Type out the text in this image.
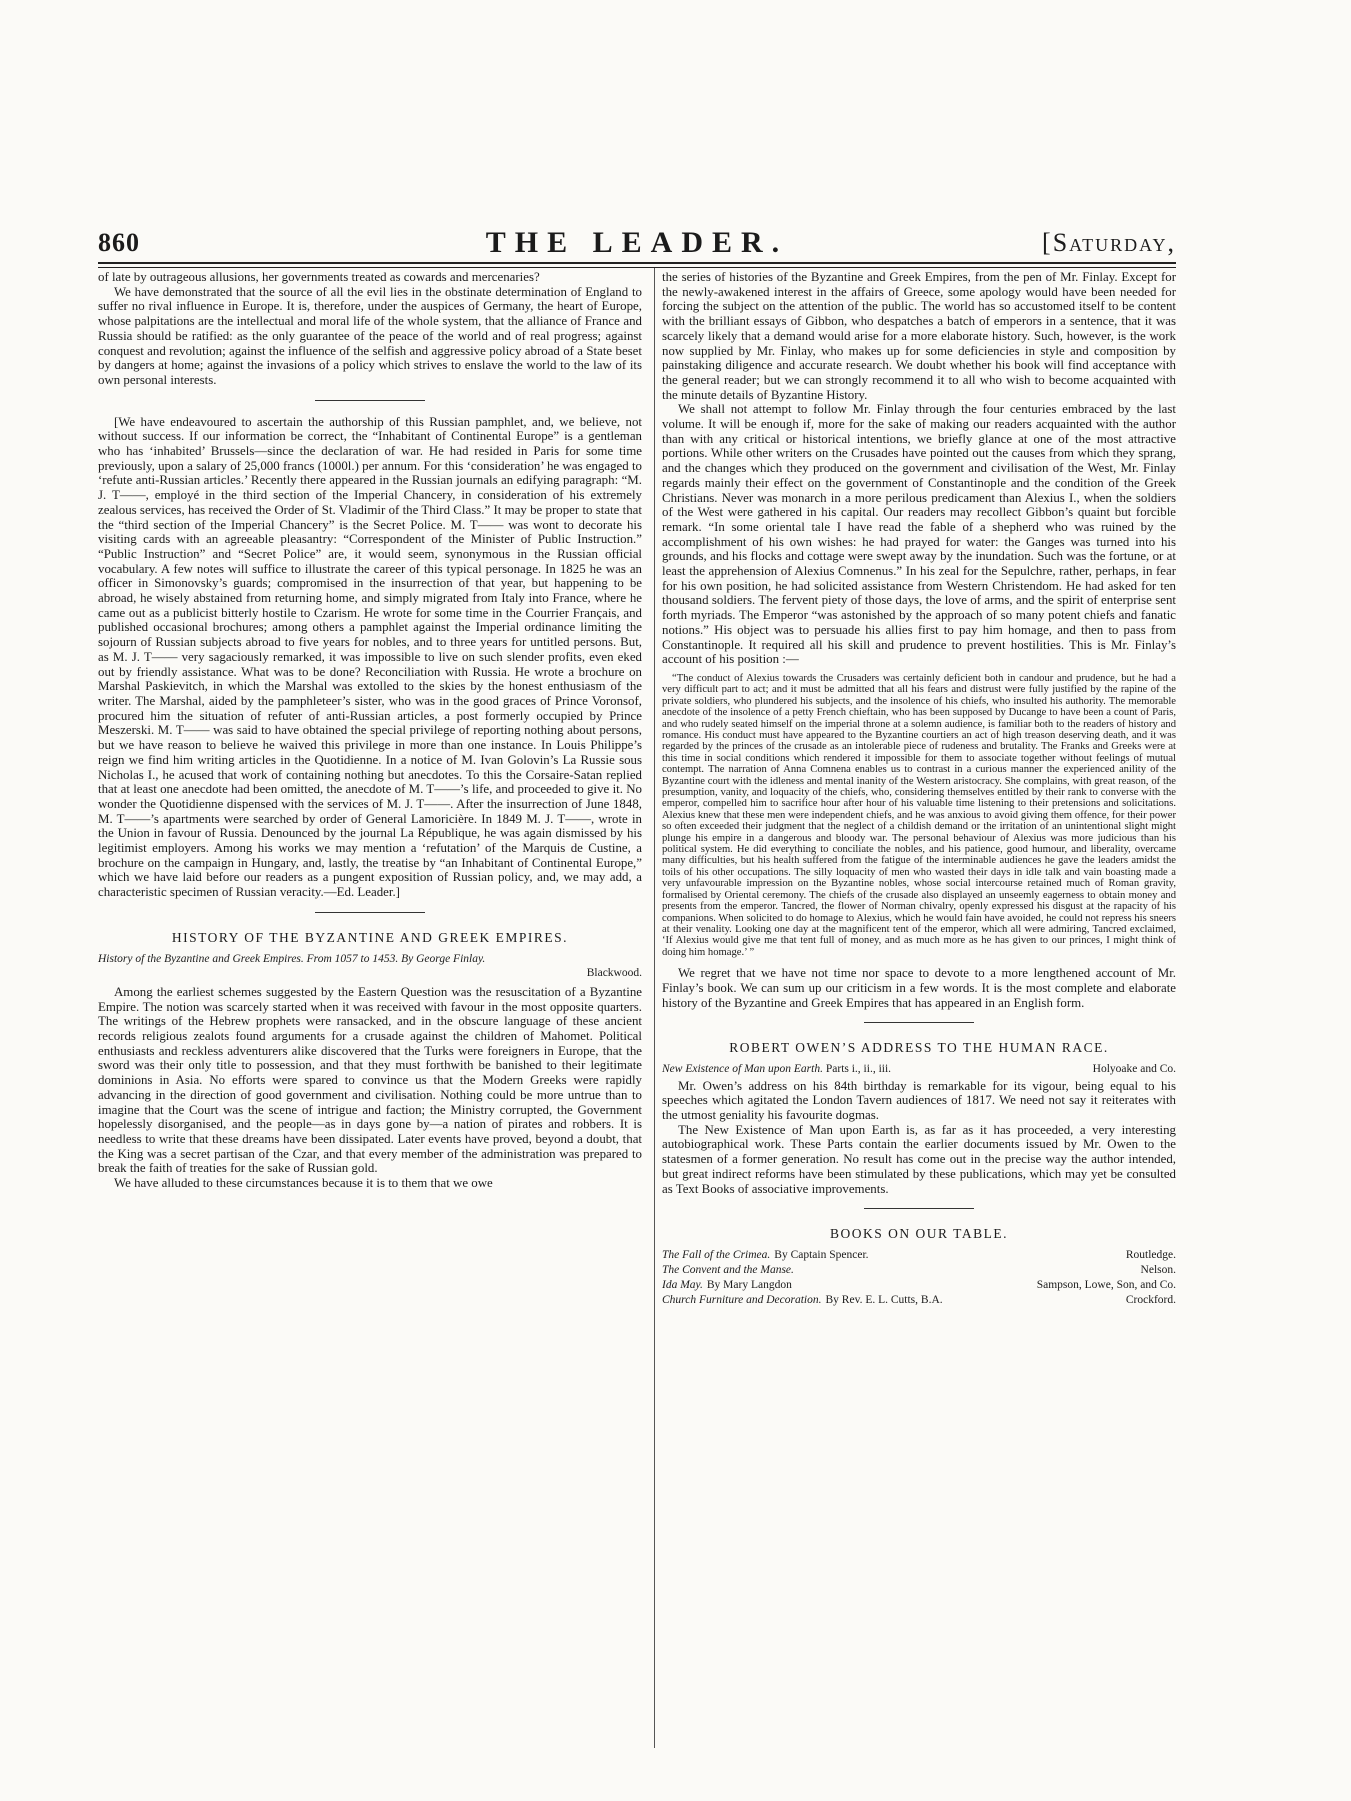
860	THE LEADER.	[Saturday,

of late by outrageous allusions, her governments treated as cowards and mercenaries?

We have demonstrated that the source of all the evil lies in the obstinate determination of England to suffer no rival influence in Europe. It is, therefore, under the auspices of Germany, the heart of Europe, whose palpitations are the intellectual and moral life of the whole system, that the alliance of France and Russia should be ratified: as the only guarantee of the peace of the world and of real progress; against conquest and revolution; against the influence of the selfish and aggressive policy abroad of a State beset by dangers at home; against the invasions of a policy which strives to enslave the world to the law of its own personal interests.

[We have endeavoured to ascertain the authorship of this Russian pamphlet, and, we believe, not without success. If our information be correct, the “Inhabitant of Continental Europe” is a gentleman who has ‘inhabited’ Brussels—since the declaration of war. He had resided in Paris for some time previously, upon a salary of 25,000 francs (1000l.) per annum. For this ‘consideration’ he was engaged to ‘refute anti-Russian articles.’ Recently there appeared in the Russian journals an edifying paragraph: “M. J. T——, employé in the third section of the Imperial Chancery, in consideration of his extremely zealous services, has received the Order of St. Vladimir of the Third Class.” It may be proper to state that the “third section of the Imperial Chancery” is the Secret Police. M. T—— was wont to decorate his visiting cards with an agreeable pleasantry: “Correspondent of the Minister of Public Instruction.” “Public Instruction” and “Secret Police” are, it would seem, synonymous in the Russian official vocabulary. A few notes will suffice to illustrate the career of this typical personage. In 1825 he was an officer in Simonovsky’s guards; compromised in the insurrection of that year, but happening to be abroad, he wisely abstained from returning home, and simply migrated from Italy into France, where he came out as a publicist bitterly hostile to Czarism. He wrote for some time in the Courrier Français, and published occasional brochures; among others a pamphlet against the Imperial ordinance limiting the sojourn of Russian subjects abroad to five years for nobles, and to three years for untitled persons. But, as M. J. T—— very sagaciously remarked, it was impossible to live on such slender profits, even eked out by friendly assistance. What was to be done? Reconciliation with Russia. He wrote a brochure on Marshal Paskievitch, in which the Marshal was extolled to the skies by the honest enthusiasm of the writer. The Marshal, aided by the pamphleteer’s sister, who was in the good graces of Prince Voronsof, procured him the situation of refuter of anti-Russian articles, a post formerly occupied by Prince Meszerski. M. T—— was said to have obtained the special privilege of reporting nothing about persons, but we have reason to believe he waived this privilege in more than one instance. In Louis Philippe’s reign we find him writing articles in the Quotidienne. In a notice of M. Ivan Golovin’s La Russie sous Nicholas I., he acused that work of containing nothing but anecdotes. To this the Corsaire-Satan replied that at least one anecdote had been omitted, the anecdote of M. T——’s life, and proceeded to give it. No wonder the Quotidienne dispensed with the services of M. J. T——. After the insurrection of June 1848, M. T——’s apartments were searched by order of General Lamoricière. In 1849 M. J. T——, wrote in the Union in favour of Russia. Denounced by the journal La République, he was again dismissed by his legitimist employers. Among his works we may mention a ‘refutation’ of the Marquis de Custine, a brochure on the campaign in Hungary, and, lastly, the treatise by “an Inhabitant of Continental Europe,” which we have laid before our readers as a pungent exposition of Russian policy, and, we may add, a characteristic specimen of Russian veracity.—Ed. Leader.]

HISTORY OF THE BYZANTINE AND GREEK EMPIRES.
History of the Byzantine and Greek Empires. From 1057 to 1453. By George Finlay.
Blackwood.

Among the earliest schemes suggested by the Eastern Question was the resuscitation of a Byzantine Empire. The notion was scarcely started when it was received with favour in the most opposite quarters. The writings of the Hebrew prophets were ransacked, and in the obscure language of these ancient records religious zealots found arguments for a crusade against the children of Mahomet. Political enthusiasts and reckless adventurers alike discovered that the Turks were foreigners in Europe, that the sword was their only title to possession, and that they must forthwith be banished to their legitimate dominions in Asia. No efforts were spared to convince us that the Modern Greeks were rapidly advancing in the direction of good government and civilisation. Nothing could be more untrue than to imagine that the Court was the scene of intrigue and faction; the Ministry corrupted, the Government hopelessly disorganised, and the people—as in days gone by—a nation of pirates and robbers. It is needless to write that these dreams have been dissipated. Later events have proved, beyond a doubt, that the King was a secret partisan of the Czar, and that every member of the administration was prepared to break the faith of treaties for the sake of Russian gold.

We have alluded to these circumstances because it is to them that we owe

the series of histories of the Byzantine and Greek Empires, from the pen of Mr. Finlay. Except for the newly-awakened interest in the affairs of Greece, some apology would have been needed for forcing the subject on the attention of the public. The world has so accustomed itself to be content with the brilliant essays of Gibbon, who despatches a batch of emperors in a sentence, that it was scarcely likely that a demand would arise for a more elaborate history. Such, however, is the work now supplied by Mr. Finlay, who makes up for some deficiencies in style and composition by painstaking diligence and accurate research. We doubt whether his book will find acceptance with the general reader; but we can strongly recommend it to all who wish to become acquainted with the minute details of Byzantine History.

We shall not attempt to follow Mr. Finlay through the four centuries embraced by the last volume. It will be enough if, more for the sake of making our readers acquainted with the author than with any critical or historical intentions, we briefly glance at one of the most attractive portions. While other writers on the Crusades have pointed out the causes from which they sprang, and the changes which they produced on the government and civilisation of the West, Mr. Finlay regards mainly their effect on the government of Constantinople and the condition of the Greek Christians. Never was monarch in a more perilous predicament than Alexius I., when the soldiers of the West were gathered in his capital. Our readers may recollect Gibbon’s quaint but forcible remark. “In some oriental tale I have read the fable of a shepherd who was ruined by the accomplishment of his own wishes: he had prayed for water: the Ganges was turned into his grounds, and his flocks and cottage were swept away by the inundation. Such was the fortune, or at least the apprehension of Alexius Comnenus.” In his zeal for the Sepulchre, rather, perhaps, in fear for his own position, he had solicited assistance from Western Christendom. He had asked for ten thousand soldiers. The fervent piety of those days, the love of arms, and the spirit of enterprise sent forth myriads. The Emperor “was astonished by the approach of so many potent chiefs and fanatic notions.” His object was to persuade his allies first to pay him homage, and then to pass from Constantinople. It required all his skill and prudence to prevent hostilities. This is Mr. Finlay’s account of his position :—

“The conduct of Alexius towards the Crusaders was certainly deficient both in candour and prudence, but he had a very difficult part to act; and it must be admitted that all his fears and distrust were fully justified by the rapine of the private soldiers, who plundered his subjects, and the insolence of his chiefs, who insulted his authority. The memorable anecdote of the insolence of a petty French chieftain, who has been supposed by Ducange to have been a count of Paris, and who rudely seated himself on the imperial throne at a solemn audience, is familiar both to the readers of history and romance. His conduct must have appeared to the Byzantine courtiers an act of high treason deserving death, and it was regarded by the princes of the crusade as an intolerable piece of rudeness and brutality. The Franks and Greeks were at this time in social conditions which rendered it impossible for them to associate together without feelings of mutual contempt. The narration of Anna Comnena enables us to contrast in a curious manner the experienced anility of the Byzantine court with the idleness and mental inanity of the Western aristocracy. She complains, with great reason, of the presumption, vanity, and loquacity of the chiefs, who, considering themselves entitled by their rank to converse with the emperor, compelled him to sacrifice hour after hour of his valuable time listening to their pretensions and solicitations. Alexius knew that these men were independent chiefs, and he was anxious to avoid giving them offence, for their power so often exceeded their judgment that the neglect of a childish demand or the irritation of an unintentional slight might plunge his empire in a dangerous and bloody war. The personal behaviour of Alexius was more judicious than his political system. He did everything to conciliate the nobles, and his patience, good humour, and liberality, overcame many difficulties, but his health suffered from the fatigue of the interminable audiences he gave the leaders amidst the toils of his other occupations. The silly loquacity of men who wasted their days in idle talk and vain boasting made a very unfavourable impression on the Byzantine nobles, whose social intercourse retained much of Roman gravity, formalised by Oriental ceremony. The chiefs of the crusade also displayed an unseemly eagerness to obtain money and presents from the emperor. Tancred, the flower of Norman chivalry, openly expressed his disgust at the rapacity of his companions. When solicited to do homage to Alexius, which he would fain have avoided, he could not repress his sneers at their venality. Looking one day at the magnificent tent of the emperor, which all were admiring, Tancred exclaimed, ‘If Alexius would give me that tent full of money, and as much more as he has given to our princes, I might think of doing him homage.’ ”

We regret that we have not time nor space to devote to a more lengthened account of Mr. Finlay’s book. We can sum up our criticism in a few words. It is the most complete and elaborate history of the Byzantine and Greek Empires that has appeared in an English form.

ROBERT OWEN’S ADDRESS TO THE HUMAN RACE.
New Existence of Man upon Earth. Parts i., ii., iii.	Holyoake and Co.

Mr. Owen’s address on his 84th birthday is remarkable for its vigour, being equal to his speeches which agitated the London Tavern audiences of 1817. We need not say it reiterates with the utmost geniality his favourite dogmas.

The New Existence of Man upon Earth is, as far as it has proceeded, a very interesting autobiographical work. These Parts contain the earlier documents issued by Mr. Owen to the statesmen of a former generation. No result has come out in the precise way the author intended, but great indirect reforms have been stimulated by these publications, which may yet be consulted as Text Books of associative improvements.

BOOKS ON OUR TABLE.
The Fall of the Crimea. By Captain Spencer.	Routledge.
The Convent and the Manse.	Nelson.
Ida May. By Mary Langdon	Sampson, Lowe, Son, and Co.
Church Furniture and Decoration. By Rev. E. L. Cutts, B.A.	Crockford.
